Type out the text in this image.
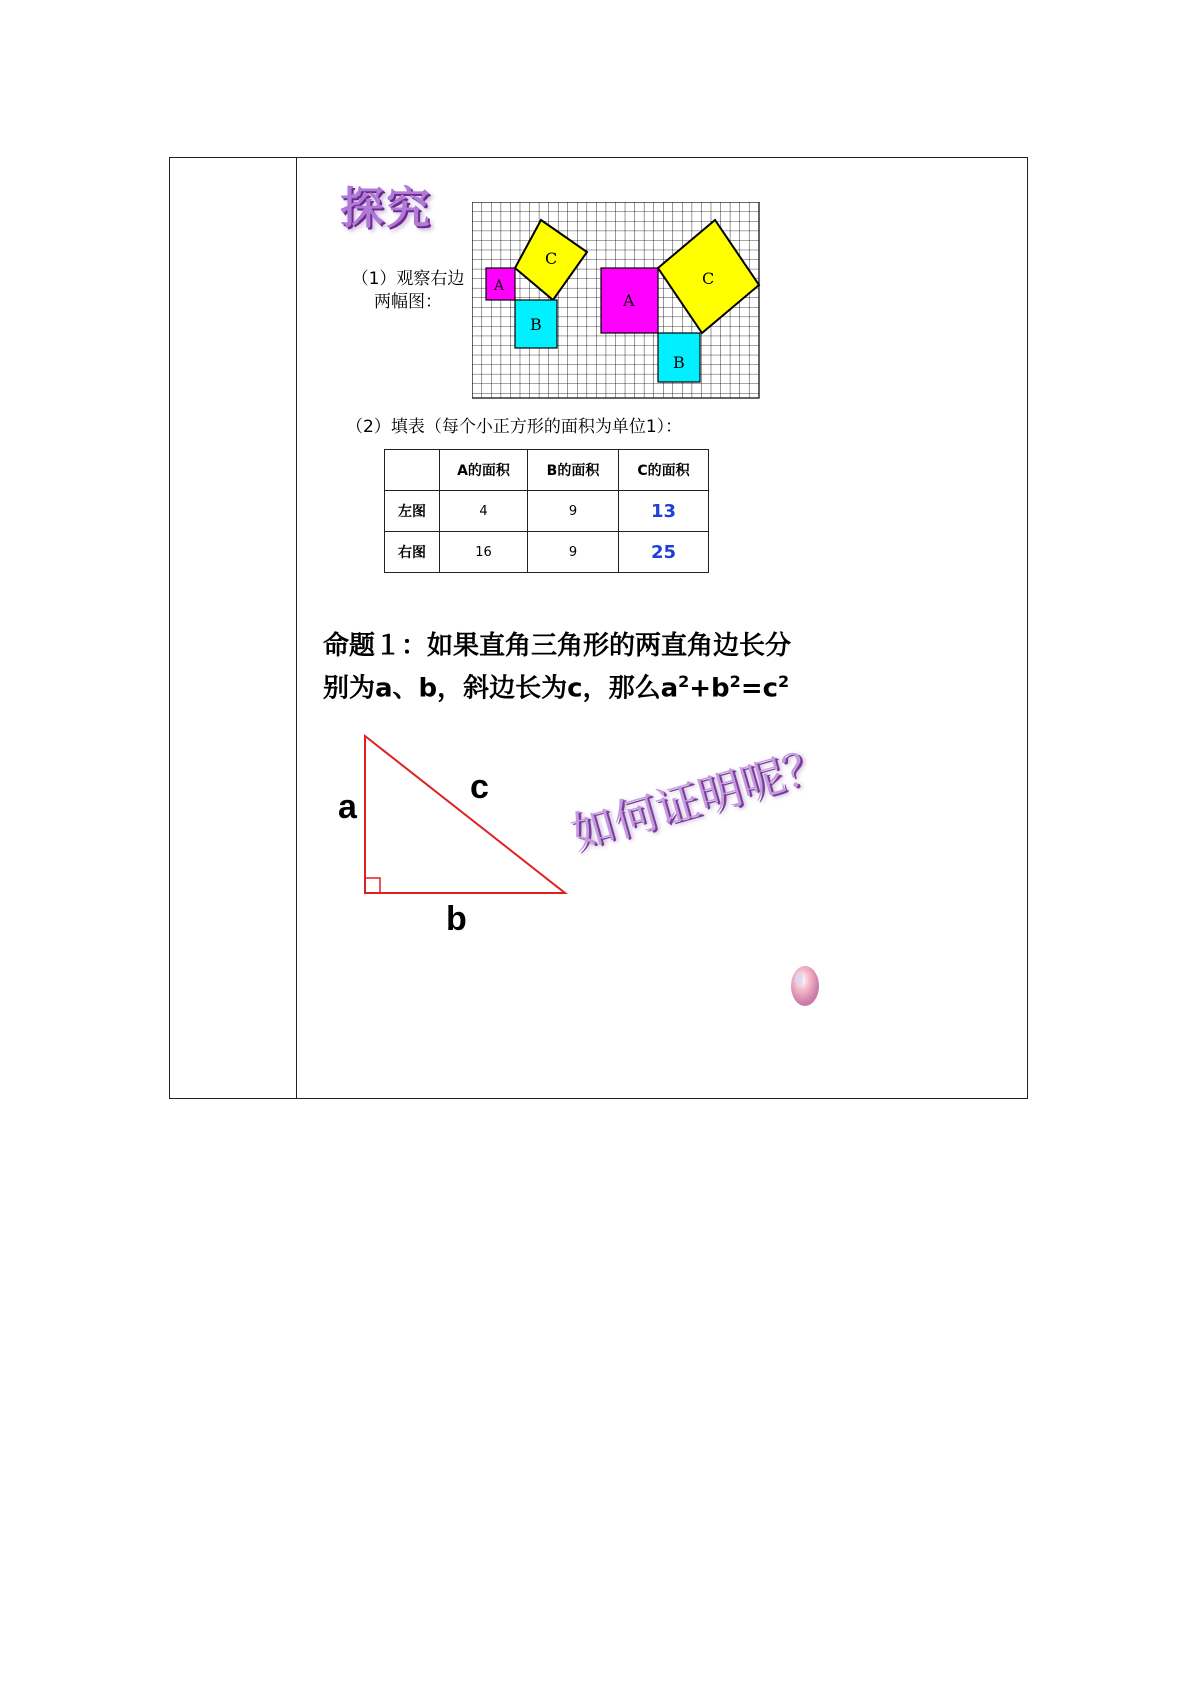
探究
（1）观察右边两幅图：
A
C
B
A
C
B
（2）填表（每个小正方形的面积为单位1）：
	A的面积	B的面积	C的面积
左图	4	9	13
右图	16	9	25
命题１：如果直角三角形的两直角边长分
别为a、b，斜边长为c，那么$a^2+b^2=c^2$
a
c
b
如何证明呢？
